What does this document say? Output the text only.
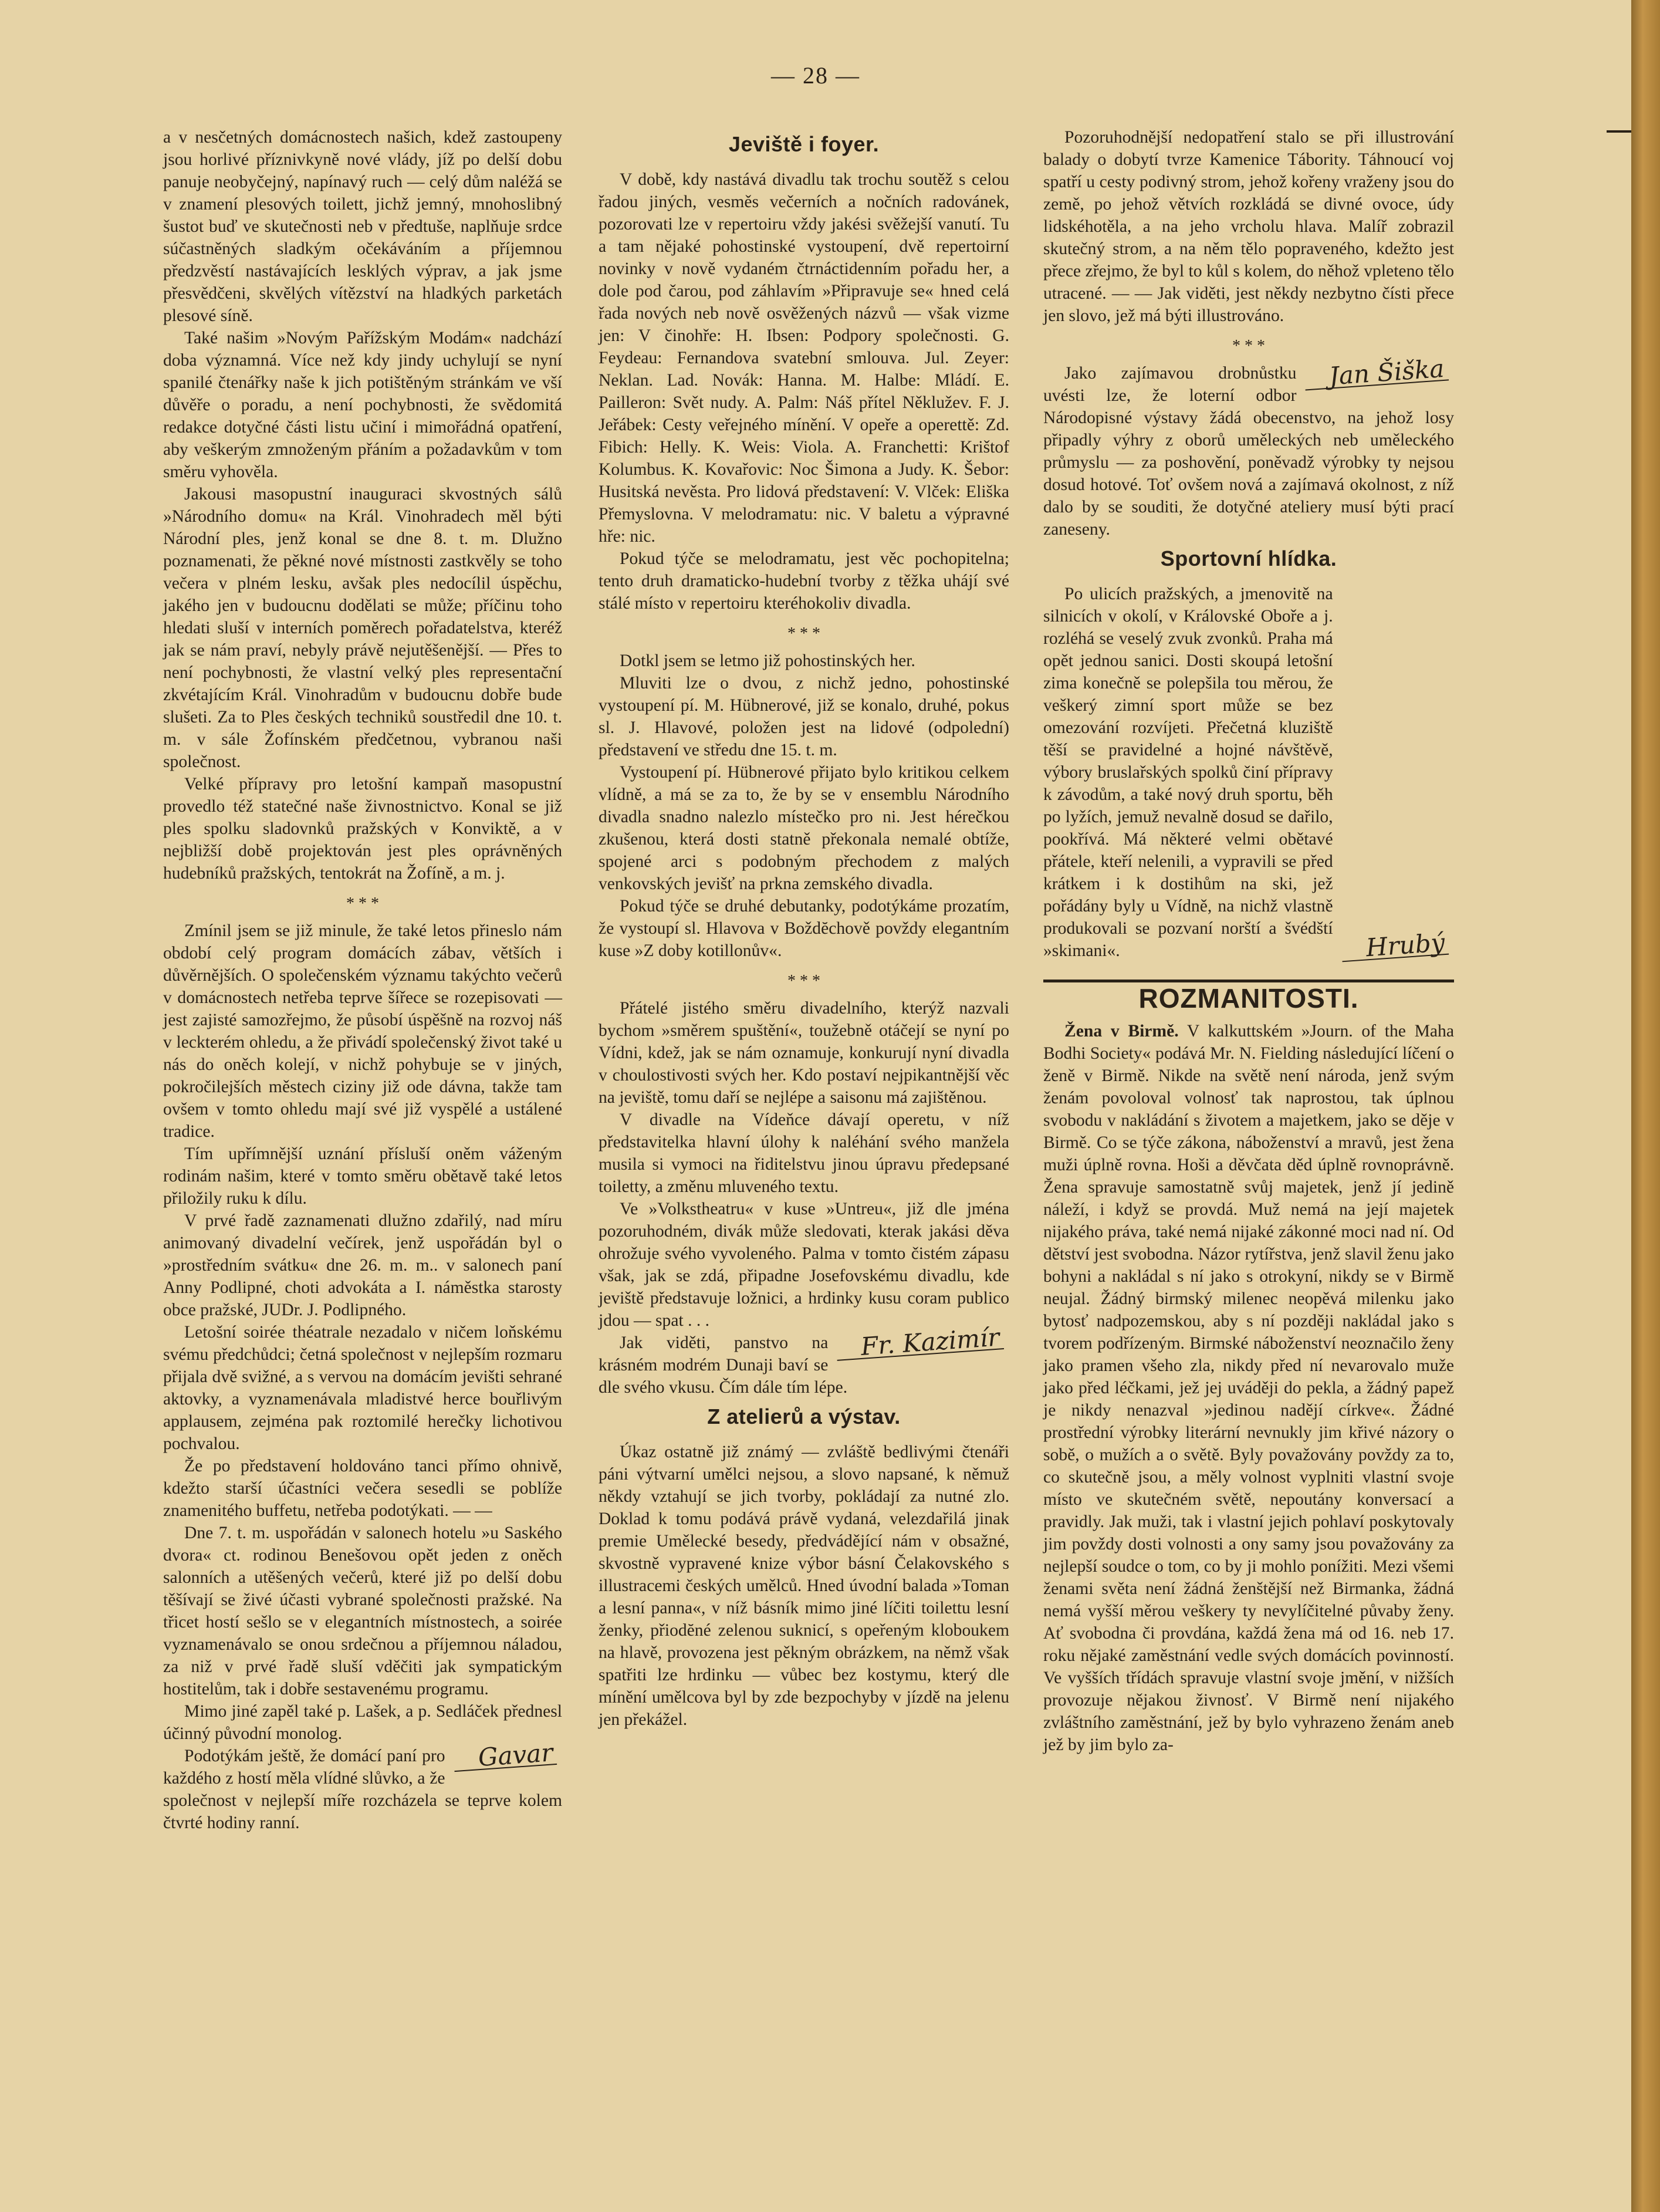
— 28 —

a v nesčetných domácnostech našich, kdež zastoupeny jsou horlivé příznivkyně nové vlády, jíž po delší dobu panuje neobyčejný, napínavý ruch — celý dům naléžá se v znamení plesových toilett, jichž jemný, mnohoslibný šustot buď ve skutečnosti neb v předtuše, naplňuje srdce súčastněných sladkým očekáváním a příjemnou předzvěstí nastávajících lesklých výprav, a jak jsme přesvědčeni, skvělých vítězství na hladkých parketách plesové síně.

Také našim »Novým Pařížským Modám« nadchází doba významná. Více než kdy jindy uchylují se nyní spanilé čtenářky naše k jich potištěným stránkám ve vší důvěře o poradu, a není pochybnosti, že svědomitá redakce dotyčné části listu učiní i mimořádná opatření, aby veškerým zmnoženým přáním a požadavkům v tom směru vyhověla.

Jakousi masopustní inauguraci skvostných sálů »Národního domu« na Král. Vinohradech měl býti Národní ples, jenž konal se dne 8. t. m. Dlužno poznamenati, že pěkné nové místnosti zastkvěly se toho večera v plném lesku, avšak ples nedocílil úspěchu, jakého jen v budoucnu dodělati se může; příčinu toho hledati sluší v interních poměrech pořadatelstva, kteréž jak se nám praví, nebyly právě nejutěšenější. — Přes to není pochybnosti, že vlastní velký ples representační zkvétajícím Král. Vinohradům v budoucnu dobře bude slušeti. Za to Ples českých techniků soustředil dne 10. t. m. v sále Žofínském předčetnou, vybranou naši společnost.

Velké přípravy pro letošní kampaň masopustní provedlo též statečné naše živnostnictvo. Konal se již ples spolku sladovnků pražských v Konviktě, a v nejbližší době projektován jest ples oprávněných hudebníků pražských, tentokrát na Žofíně, a m. j.

* * *

Zmínil jsem se již minule, že také letos přineslo nám období celý program domácích zábav, větších i důvěrnějších. O společenském významu takýchto večerů v domácnostech netřeba teprve šířece se rozepisovati — jest zajisté samozřejmo, že působí úspěšně na rozvoj náš v leckterém ohledu, a že přivádí společenský život také u nás do oněch kolejí, v nichž pohybuje se v jiných, pokročilejších městech ciziny již ode dávna, takže tam ovšem v tomto ohledu mají své již vyspělé a ustálené tradice.

Tím upřímnější uznání přísluší oněm váženým rodinám našim, které v tomto směru obětavě také letos přiložily ruku k dílu.

V prvé řadě zaznamenati dlužno zdařilý, nad míru animovaný divadelní večírek, jenž uspořádán byl o »prostředním svátku« dne 26. m. m.. v salonech paní Anny Podlipné, choti advokáta a I. náměstka starosty obce pražské, JUDr. J. Podlipného.

Letošní soirée théatrale nezadalo v ničem loňskému svému předchůdci; četná společnost v nejlepším rozmaru přijala dvě svižné, a s vervou na domácím jevišti sehrané aktovky, a vyznamenávala mladistvé herce bouřlivým applausem, zejména pak roztomilé herečky lichotivou pochvalou.

Že po představení holdováno tanci přímo ohnivě, kdežto starší účastníci večera sesedli se poblíže znamenitého buffetu, netřeba podotýkati. — —

Dne 7. t. m. uspořádán v salonech hotelu »u Saského dvora« ct. rodinou Benešovou opět jeden z oněch salonních a utěšených večerů, které již po delší dobu těšívají se živé účasti vybrané společnosti pražské. Na třicet hostí sešlo se v elegantních místnostech, a soirée vyznamenávalo se onou srdečnou a příjemnou náladou, za niž v prvé řadě sluší vděčiti jak sympatickým hostitelům, tak i dobře sestavenému programu.

Mimo jiné zapěl také p. Lašek, a p. Sedláček přednesl účinný původní monolog.

Gavar
Podotýkám ještě, že domácí paní pro každého z hostí měla vlídné slůvko, a že společnost v nejlepší míře rozcházela se teprve kolem čtvrté hodiny ranní.

Jeviště i foyer.

V době, kdy nastává divadlu tak trochu soutěž s celou řadou jiných, vesměs večerních a nočních radovánek, pozorovati lze v repertoiru vždy jakési svěžejší vanutí. Tu a tam nějaké pohostinské vystoupení, dvě repertoirní novinky v nově vydaném čtrnáctidenním pořadu her, a dole pod čarou, pod záhlavím »Připravuje se« hned celá řada nových neb nově osvěžených názvů — však vizme jen: V činohře: H. Ibsen: Podpory společnosti. G. Feydeau: Fernandova svatební smlouva. Jul. Zeyer: Neklan. Lad. Novák: Hanna. M. Halbe: Mládí. E. Pailleron: Svět nudy. A. Palm: Náš přítel Něklužev. F. J. Jeřábek: Cesty veřejného mínění. V opeře a operettě: Zd. Fibich: Helly. K. Weis: Viola. A. Franchetti: Krištof Kolumbus. K. Kovařovic: Noc Šimona a Judy. K. Šebor: Husitská nevěsta. Pro lidová představení: V. Vlček: Eliška Přemyslovna. V melodramatu: nic. V baletu a výpravné hře: nic.

Pokud týče se melodramatu, jest věc pochopitelna; tento druh dramaticko-hudební tvorby z těžka uhájí své stálé místo v repertoiru kteréhokoliv divadla.

* * *

Dotkl jsem se letmo již pohostinských her.

Mluviti lze o dvou, z nichž jedno, pohostinské vystoupení pí. M. Hübnerové, již se konalo, druhé, pokus sl. J. Hlavové, položen jest na lidové (odpolední) představení ve středu dne 15. t. m.

Vystoupení pí. Hübnerové přijato bylo kritikou celkem vlídně, a má se za to, že by se v ensemblu Národního divadla snadno nalezlo místečko pro ni. Jest hérečkou zkušenou, která dosti statně překonala nemalé obtíže, spojené arci s podobným přechodem z malých venkovských jevišť na prkna zemského divadla.

Pokud týče se druhé debutanky, podotýkáme prozatím, že vystoupí sl. Hlavova v Boždĕchově povždy elegantním kuse »Z doby kotillonův«.

* * *

Přátelé jistého směru divadelního, kterýž nazvali bychom »směrem spuštění«, toužebně otáčejí se nyní po Vídni, kdež, jak se nám oznamuje, konkurují nyní divadla v choulostivosti svých her. Kdo postaví nejpikantnější věc na jeviště, tomu daří se nejlépe a saisonu má zajištěnou.

V divadle na Vídeňce dávají operetu, v níž představitelka hlavní úlohy k naléhání svého manžela musila si vymoci na řiditelstvu jinou úpravu předepsané toiletty, a změnu mluveného textu.

Ve »Volkstheatru« v kuse »Untreu«, již dle jména pozoruhodném, divák může sledovati, kterak jakási děva ohrožuje svého vyvoleného. Palma v tomto čistém zápasu však, jak se zdá, připadne Josefovskému divadlu, kde jeviště představuje ložnici, a hrdinky kusu coram publico jdou — spat . . .

Fr. Kazimír
Jak viděti, panstvo na krásném modrém Dunaji baví se dle svého vkusu. Čím dále tím lépe.

Z atelierů a výstav.

Úkaz ostatně již známý — zvláště bedlivými čtenáři páni výtvarní umělci nejsou, a slovo napsané, k němuž někdy vztahují se jich tvorby, pokládají za nutné zlo. Doklad k tomu podává právě vydaná, velezdařilá jinak premie Umělecké besedy, předvádějící nám v obsažné, skvostně vypravené knize výbor básní Čelakovského s illustracemi českých umělců. Hned úvodní balada »Toman a lesní panna«, v níž básník mimo jiné líčiti toilettu lesní ženky, přiodĕné zelenou suknicí, s opeřeným kloboukem na hlavě, provozena jest pěkným obrázkem, na němž však spatřiti lze hrdinku — vůbec bez kostymu, který dle mínění umělcova byl by zde bezpochyby v jízdě na jelenu jen překážel.

Pozoruhodnější nedopatření stalo se při illustrování balady o dobytí tvrze Kamenice Tábority. Táhnoucí voj spatří u cesty podivný strom, jehož kořeny vraženy jsou do země, po jehož větvích rozkládá se divné ovoce, údy lidskéhotěla, a na jeho vrcholu hlava. Malíř zobrazil skutečný strom, a na něm tělo popraveného, kdežto jest přece zřejmo, že byl to kůl s kolem, do něhož vpleteno tělo utracené. — — Jak viděti, jest někdy nezbytno čísti přece jen slovo, jež má býti illustrováno.

* * *

Jan Šiška
Jako zajímavou drobnůstku uvésti lze, že loterní odbor Národopisné výstavy žádá obecenstvo, na jehož losy připadly výhry z oborů uměleckých neb uměleckého průmyslu — za poshovění, poněvadž výrobky ty nejsou dosud hotové. Toť ovšem nová a zajímavá okolnost, z níž dalo by se souditi, že dotyčné ateliery musí býti prací zaneseny.

Sportovní hlídka.

Hrubý
Po ulicích pražských, a jmenovitě na silnicích v okolí, v Královské Oboře a j. rozléhá se veselý zvuk zvonků. Praha má opět jednou sanici. Dosti skoupá letošní zima konečně se polepšila tou měrou, že veškerý zimní sport může se bez omezování rozvíjeti. Přečetná kluziště těší se pravidelné a hojné návštěvě, výbory bruslařských spolků činí přípravy k závodům, a také nový druh sportu, běh po lyžích, jemuž nevalně dosud se dařilo, pookřívá. Má některé velmi obětavé přátele, kteří nelenili, a vypravili se před krátkem i k dostihům na ski, jež pořádány byly u Vídně, na nichž vlastně produkovali se pozvaní norští a švédští »skimani«.

ROZMANITOSTI.

Žena v Birmě. V kalkuttském »Journ. of the Maha Bodhi Society« podává Mr. N. Fielding následující líčení o ženě v Birmě. Nikde na světě není národa, jenž svým ženám povoloval volnosť tak naprostou, tak úplnou svobodu v nakládání s životem a majetkem, jako se děje v Birmě. Co se týče zákona, náboženství a mravů, jest žena muži úplně rovna. Hoši a děvčata děd úplně rovnoprávně. Žena spravuje samostatně svůj majetek, jenž jí jedině náleží, i když se provdá. Muž nemá na její majetek nijakého práva, také nemá nijaké zákonné moci nad ní. Od dětství jest svobodna. Názor rytířstva, jenž slavil ženu jako bohyni a nakládal s ní jako s otrokyní, nikdy se v Birmě neujal. Žádný birmský milenec neopěvá milenku jako bytosť nadpozemskou, aby s ní později nakládal jako s tvorem podřízeným. Birmské náboženství neoznačilo ženy jako pramen všeho zla, nikdy před ní nevarovalo muže jako před léčkami, jež jej uváději do pekla, a žádný papež je nikdy nenazval »jedinou nadějí církve«. Žádné prostřední výrobky literární nevnukly jim křivé názory o sobě, o mužích a o světě. Byly považovány povždy za to, co skutečně jsou, a měly volnost vyplniti vlastní svoje místo ve skutečném světě, nepoutány konversací a pravidly. Jak muži, tak i vlastní jejich pohlaví poskytovaly jim povždy dosti volnosti a ony samy jsou považovány za nejlepší soudce o tom, co by ji mohlo ponížiti. Mezi všemi ženami světa není žádná ženštější než Birmanka, žádná nemá vyšší měrou veškery ty nevylíčitelné půvaby ženy. Ať svobodna či provdána, každá žena má od 16. neb 17. roku nějaké zaměstnání vedle svých domácích povinností. Ve vyšších třídách spravuje vlastní svoje jmění, v nižších provozuje nějakou živnosť. V Birmě není nijakého zvláštního zaměstnání, jež by bylo vyhrazeno ženám aneb jež by jim bylo za-
